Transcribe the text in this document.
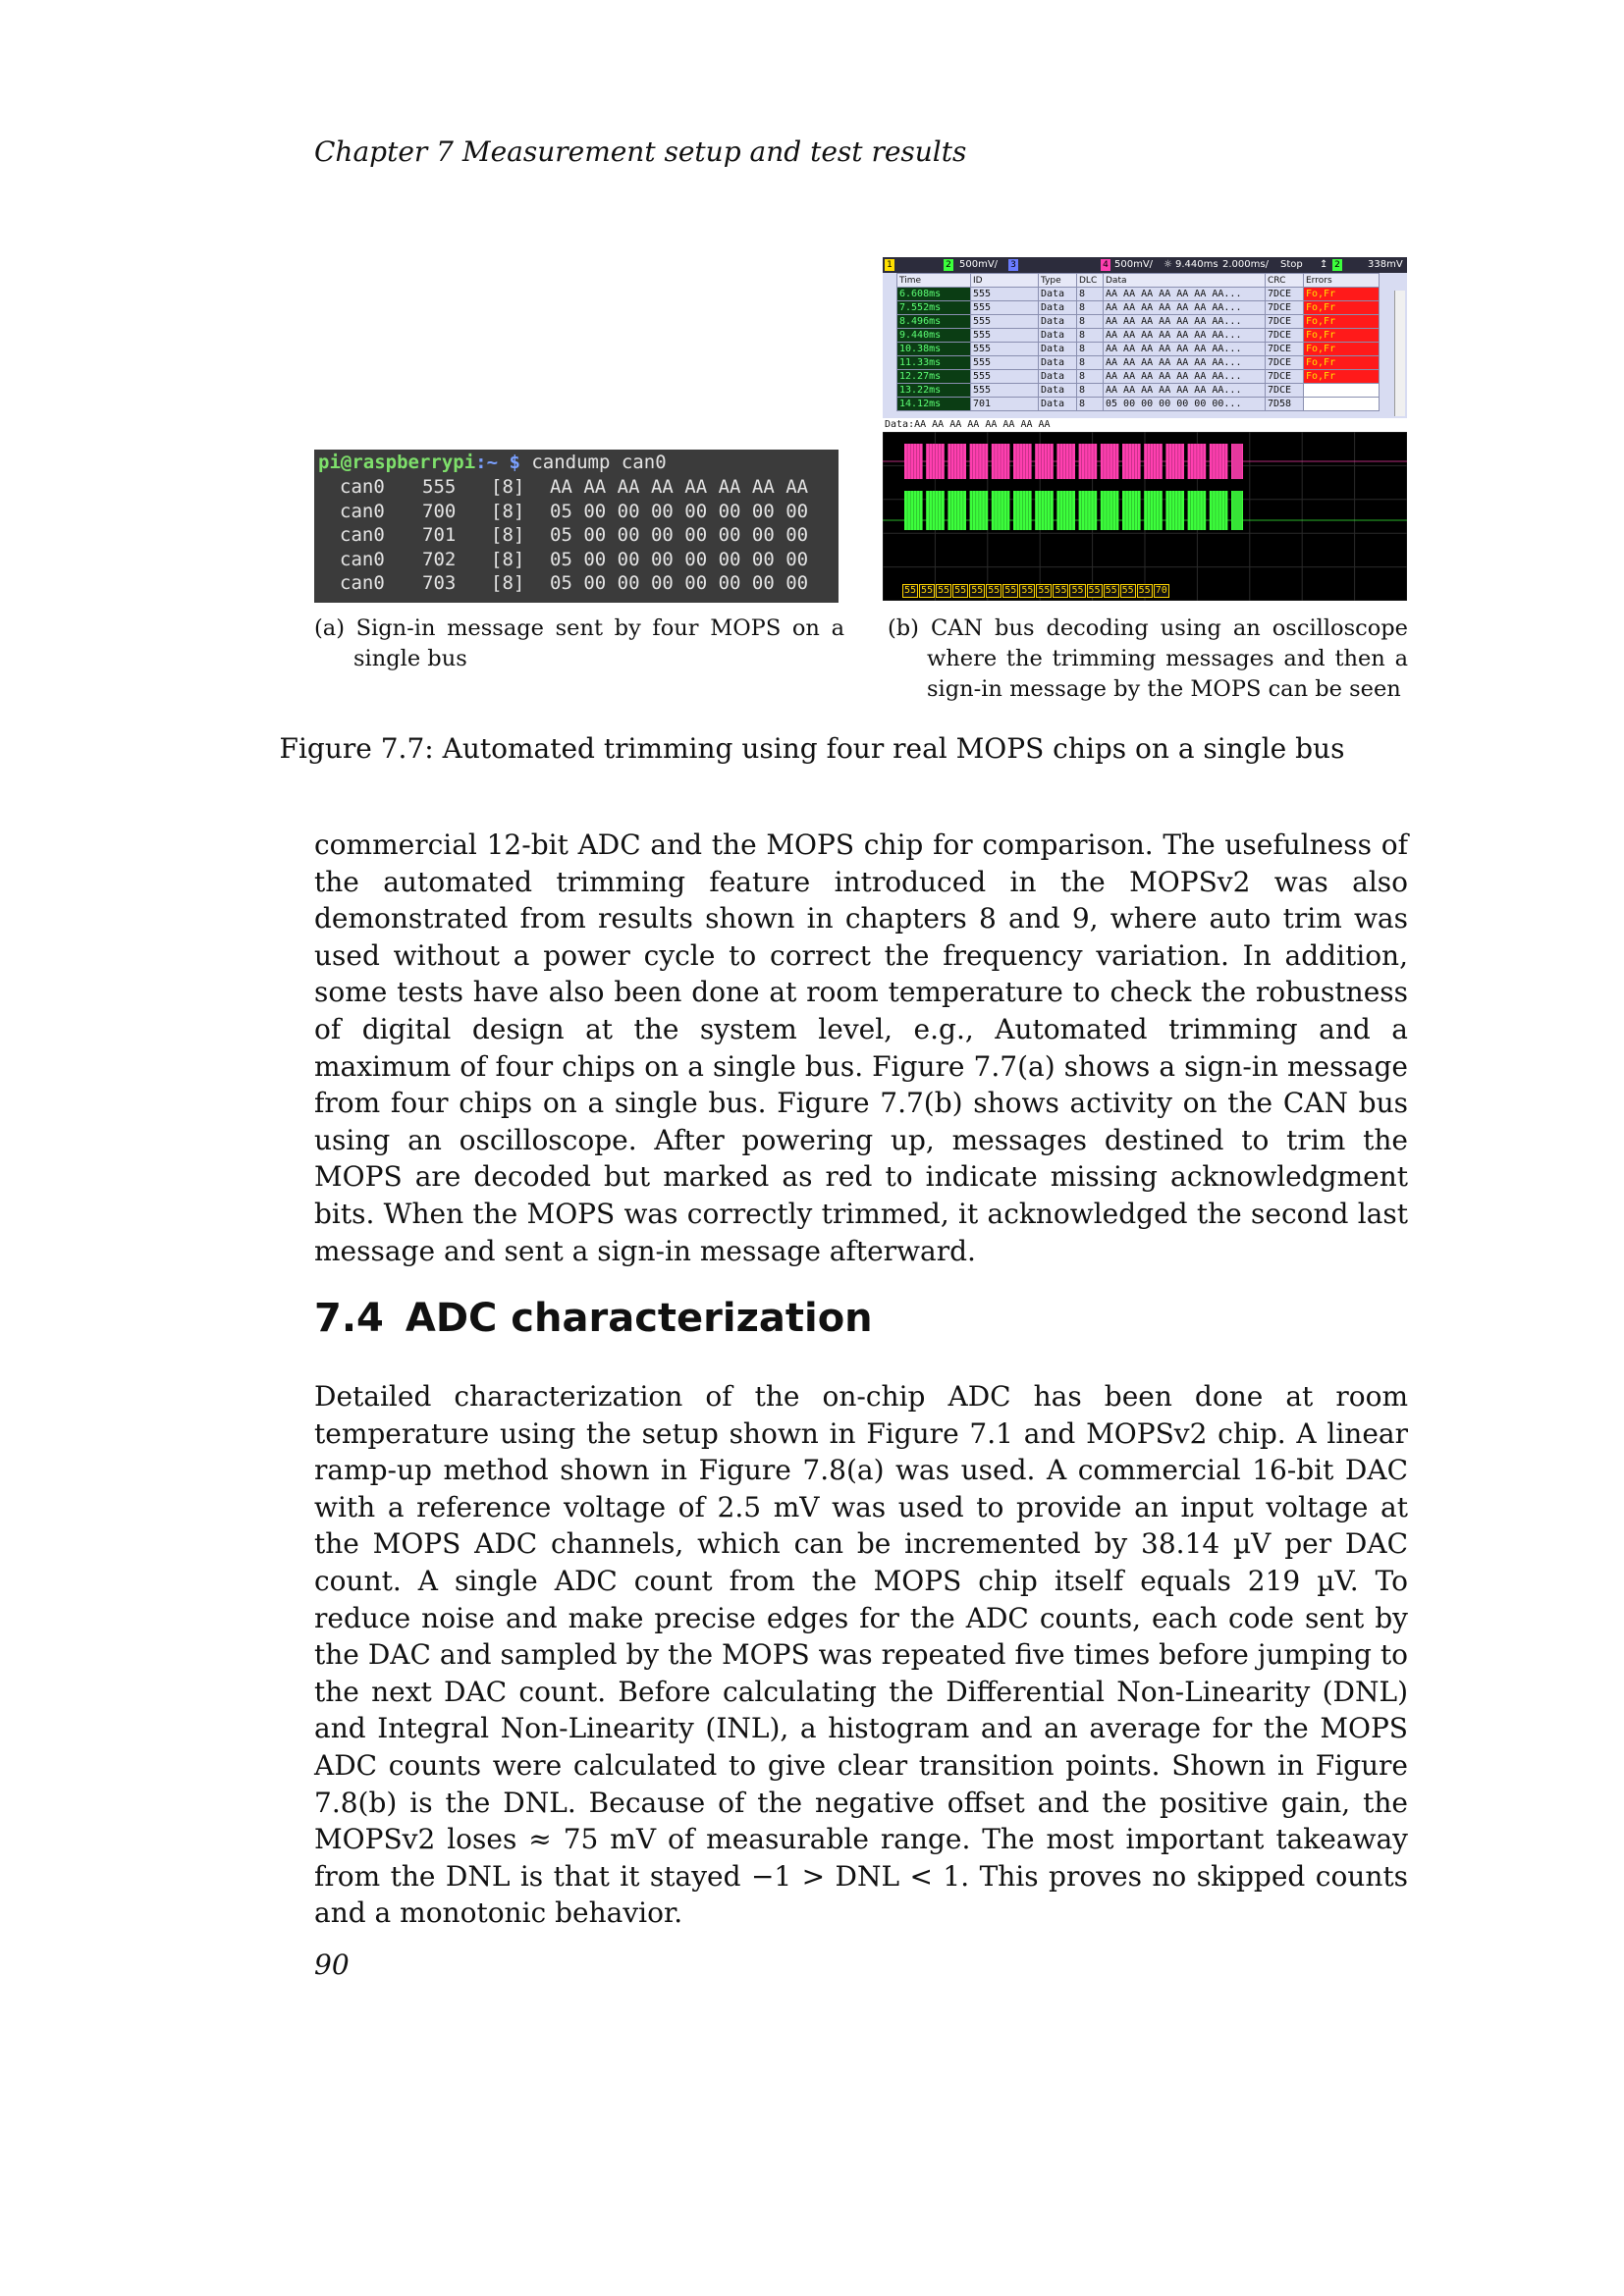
Chapter 7 Measurement setup and test results
pi@raspberrypi:~ $ candump can0
can0	555	[8]	AA AA AA AA AA AA AA AA
can0	700	[8]	05 00 00 00 00 00 00 00
can0	701	[8]	05 00 00 00 00 00 00 00
can0	702	[8]	05 00 00 00 00 00 00 00
can0	703	[8]	05 00 00 00 00 00 00 00
1	2 500mV/ 3	4 500mV/ ☼ 9.440ms 2.000ms/ Stop ↥ 2	338mV
Time	ID	Type	DLC	Data	CRC	Errors
6.608ms	555	Data	8	AA AA AA AA AA AA AA...	7DCE	Fo,Fr
7.552ms	555	Data	8	AA AA AA AA AA AA AA...	7DCE	Fo,Fr
8.496ms	555	Data	8	AA AA AA AA AA AA AA...	7DCE	Fo,Fr
9.440ms	555	Data	8	AA AA AA AA AA AA AA...	7DCE	Fo,Fr
10.38ms	555	Data	8	AA AA AA AA AA AA AA...	7DCE	Fo,Fr
11.33ms	555	Data	8	AA AA AA AA AA AA AA...	7DCE	Fo,Fr
12.27ms	555	Data	8	AA AA AA AA AA AA AA...	7DCE	Fo,Fr
13.22ms	555	Data	8	AA AA AA AA AA AA AA...	7DCE	
14.12ms	701	Data	8	05 00 00 00 00 00 00...	7D58	
Data:AA AA AA AA AA AA AA AA
55 55 55 55 55 55 55 55 55 55 55 55 55 55 55 70
(a) Sign-in message sent by four MOPS on a single bus
(b) CAN bus decoding using an oscilloscope where the trimming messages and then a sign-in message by the MOPS can be seen
Figure 7.7: Automated trimming using four real MOPS chips on a single bus

commercial 12-bit ADC and the MOPS chip for comparison. The usefulness of the automated trimming feature introduced in the MOPSv2 was also demonstrated from results shown in chapters 8 and 9, where auto trim was used without a power cycle to correct the frequency variation. In addition, some tests have also been done at room temperature to check the robustness of digital design at the system level, e.g., Automated trimming and a maximum of four chips on a single bus. Figure 7.7(a) shows a sign-in message from four chips on a single bus. Figure 7.7(b) shows activity on the CAN bus using an oscilloscope. After powering up, messages destined to trim the MOPS are decoded but marked as red to indicate missing acknowledgment bits. When the MOPS was correctly trimmed, it acknowledged the second last message and sent a sign-in message afterward.

7.4 ADC characterization

Detailed characterization of the on-chip ADC has been done at room temperature using the setup shown in Figure 7.1 and MOPSv2 chip. A linear ramp-up method shown in Figure 7.8(a) was used. A commercial 16-bit DAC with a reference voltage of 2.5 mV was used to provide an input voltage at the MOPS ADC channels, which can be incremented by 38.14 µV per DAC count. A single ADC count from the MOPS chip itself equals 219 µV. To reduce noise and make precise edges for the ADC counts, each code sent by the DAC and sampled by the MOPS was repeated five times before jumping to the next DAC count. Before calculating the Differential Non-Linearity (DNL) and Integral Non-Linearity (INL), a histogram and an average for the MOPS ADC counts were calculated to give clear transition points. Shown in Figure 7.8(b) is the DNL. Because of the negative offset and the positive gain, the MOPSv2 loses ≈ 75 mV of measurable range. The most important takeaway from the DNL is that it stayed −1 > DNL < 1. This proves no skipped counts and a monotonic behavior.

90
